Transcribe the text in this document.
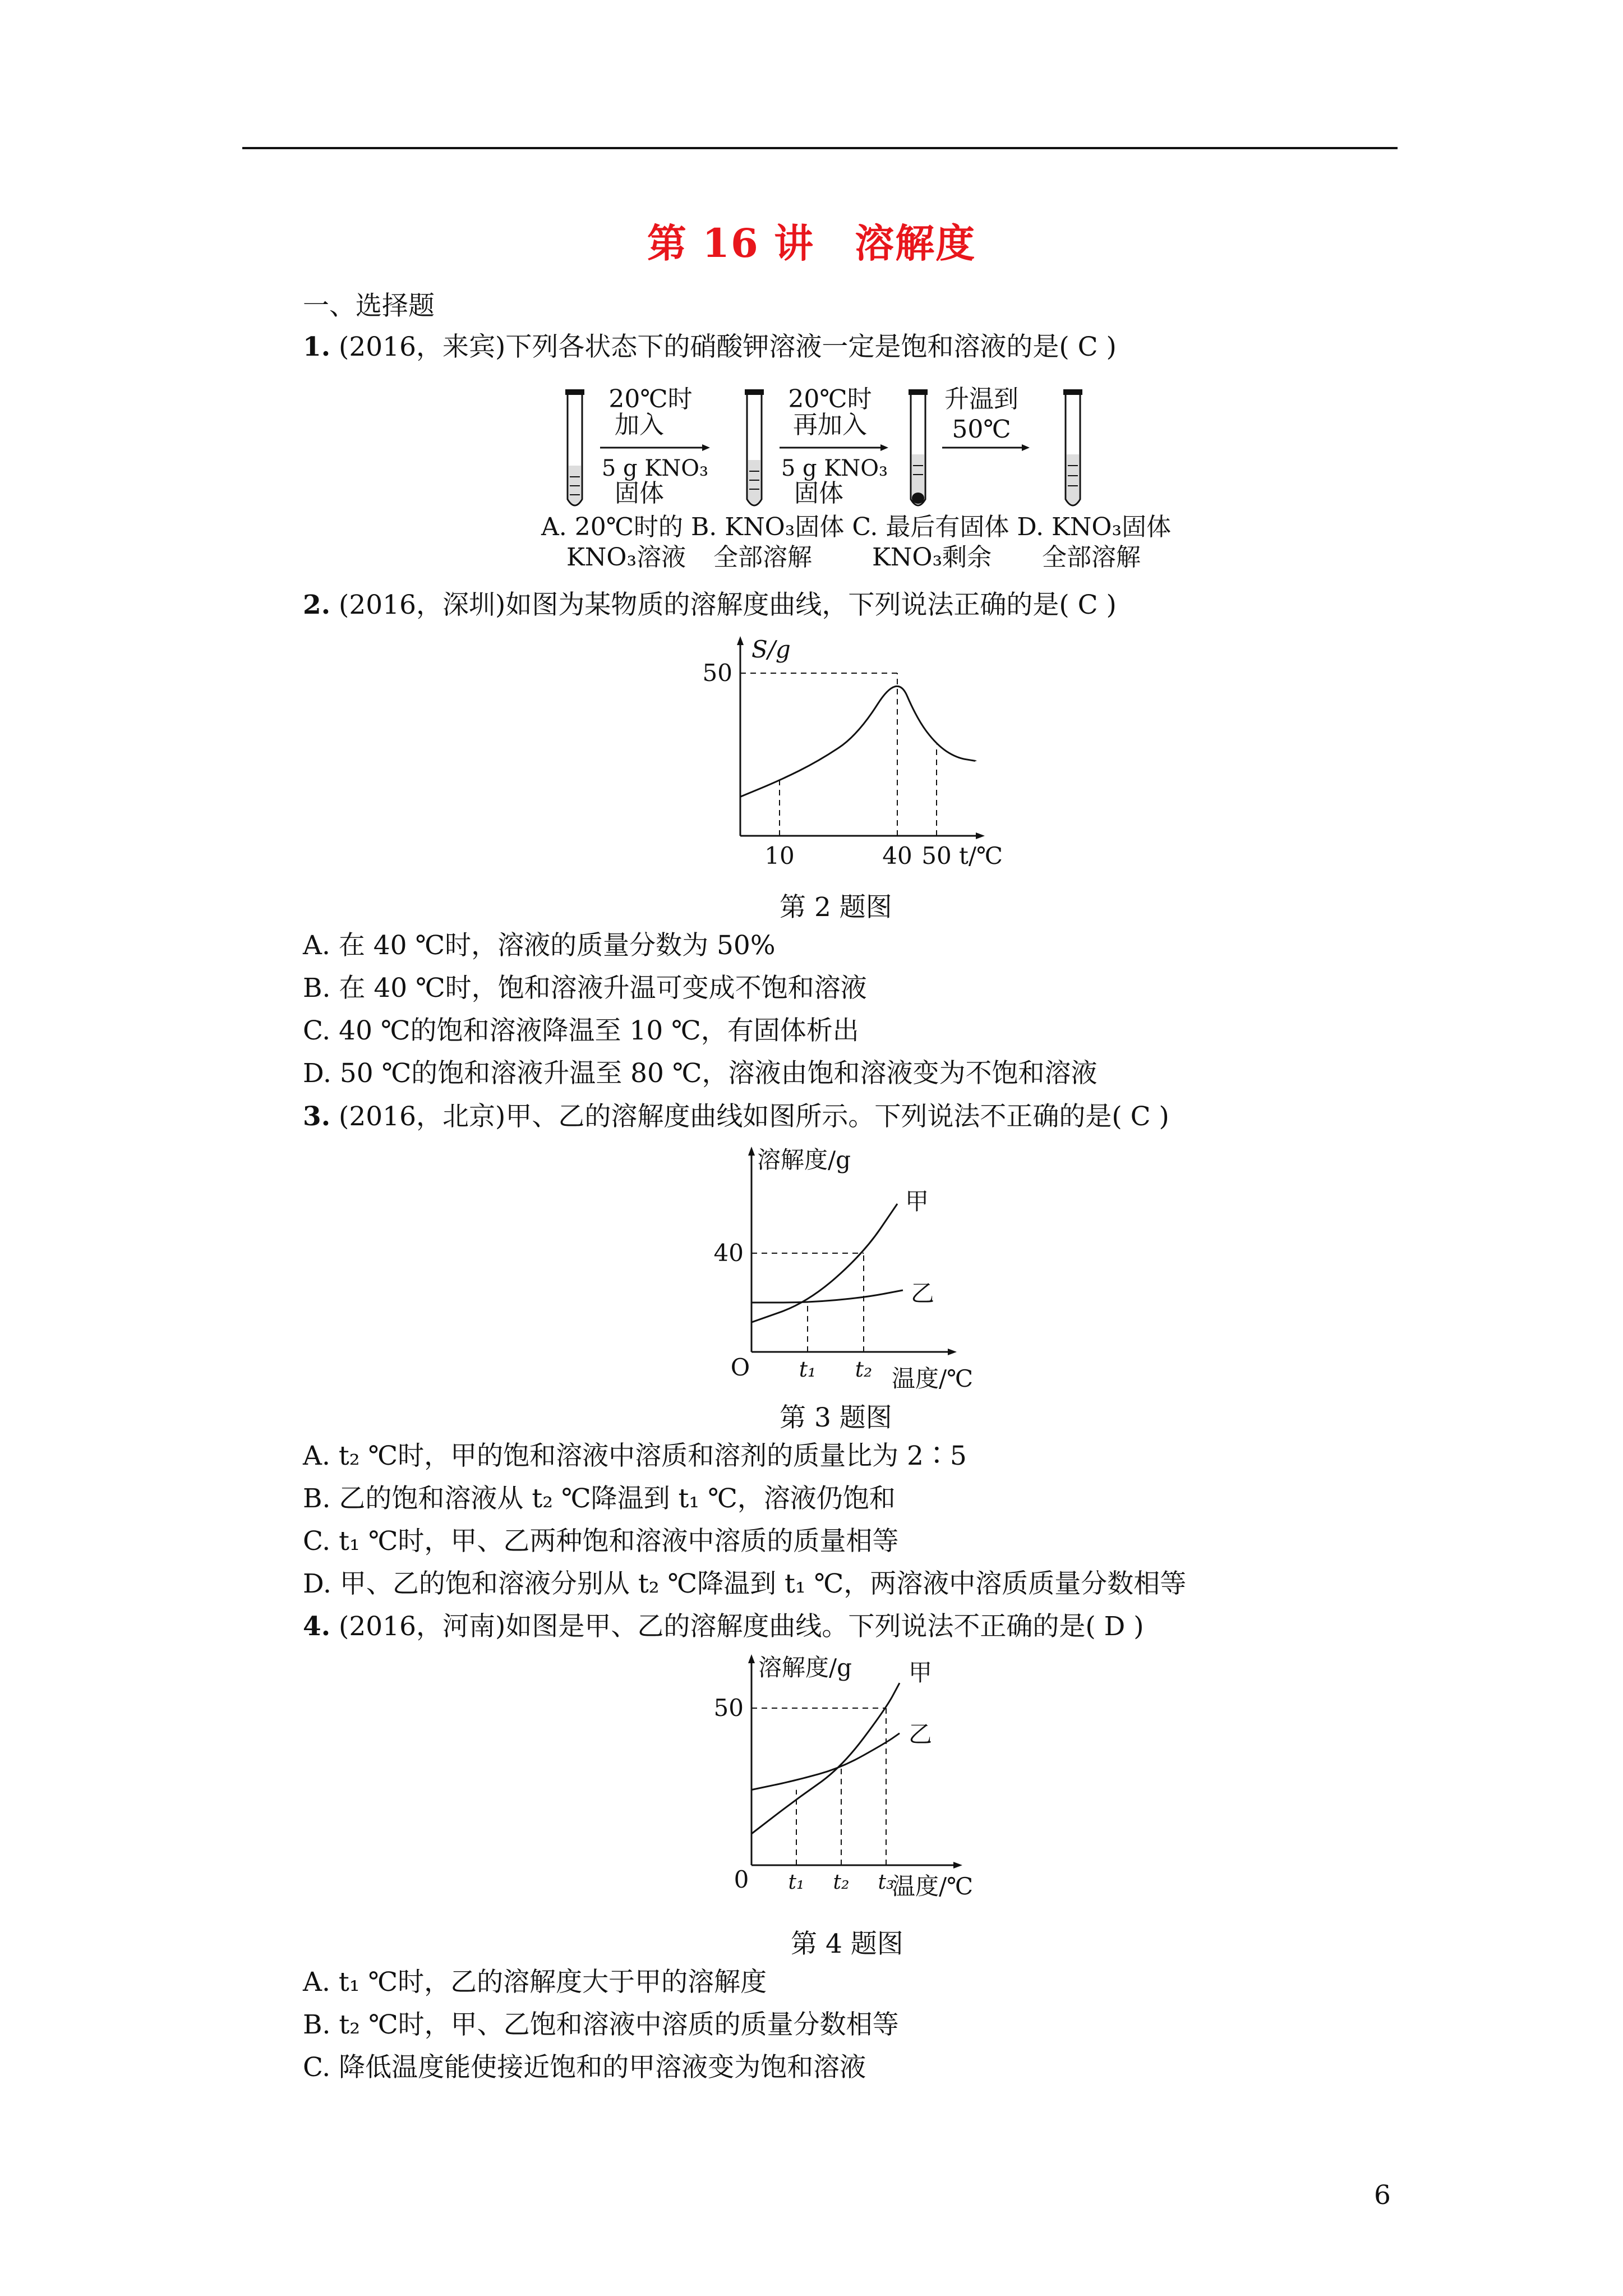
第 16 讲　 溶解度
一、选择题
1. (2016，来宾)下列各状态下的硝酸钾溶液一定是饱和溶液的是( C )
20℃时
加入
5 g KNO₃
固体
20℃时
再加入
5 g KNO₃
固体
升温到
50℃
A. 20℃时的 B. KNO₃固体 C. 最后有固体 D. KNO₃固体
KNO₃溶液 全部溶解 KNO₃剩余 全部溶解
2. (2016，深圳)如图为某物质的溶解度曲线，下列说法正确的是( C )
10	40 50
50
S/g
t/℃
第 2 题图
A. 在 40 ℃时，溶液的质量分数为 50%
B. 在 40 ℃时，饱和溶液升温可变成不饱和溶液
C. 40 ℃的饱和溶液降温至 10 ℃，有固体析出
D. 50 ℃的饱和溶液升温至 80 ℃，溶液由饱和溶液变为不饱和溶液
3. (2016，北京)甲、乙的溶解度曲线如图所示。下列说法不正确的是( C )
甲
乙
t₁ t₂
40
溶解度/g
温度/℃
O
第 3 题图
A. t₂ ℃时，甲的饱和溶液中溶质和溶剂的质量比为 2∶5
B. 乙的饱和溶液从 t₂ ℃降温到 t₁ ℃，溶液仍饱和
C. t₁ ℃时，甲、乙两种饱和溶液中溶质的质量相等
D. 甲、乙的饱和溶液分别从 t₂ ℃降温到 t₁ ℃，两溶液中溶质质量分数相等
4. (2016，河南)如图是甲、乙的溶解度曲线。下列说法不正确的是( D )
甲
乙
t₁ t₂ t₃
50
溶解度/g
温度/℃
0
第 4 题图
A. t₁ ℃时，乙的溶解度大于甲的溶解度
B. t₂ ℃时，甲、乙饱和溶液中溶质的质量分数相等
C. 降低温度能使接近饱和的甲溶液变为饱和溶液
6
